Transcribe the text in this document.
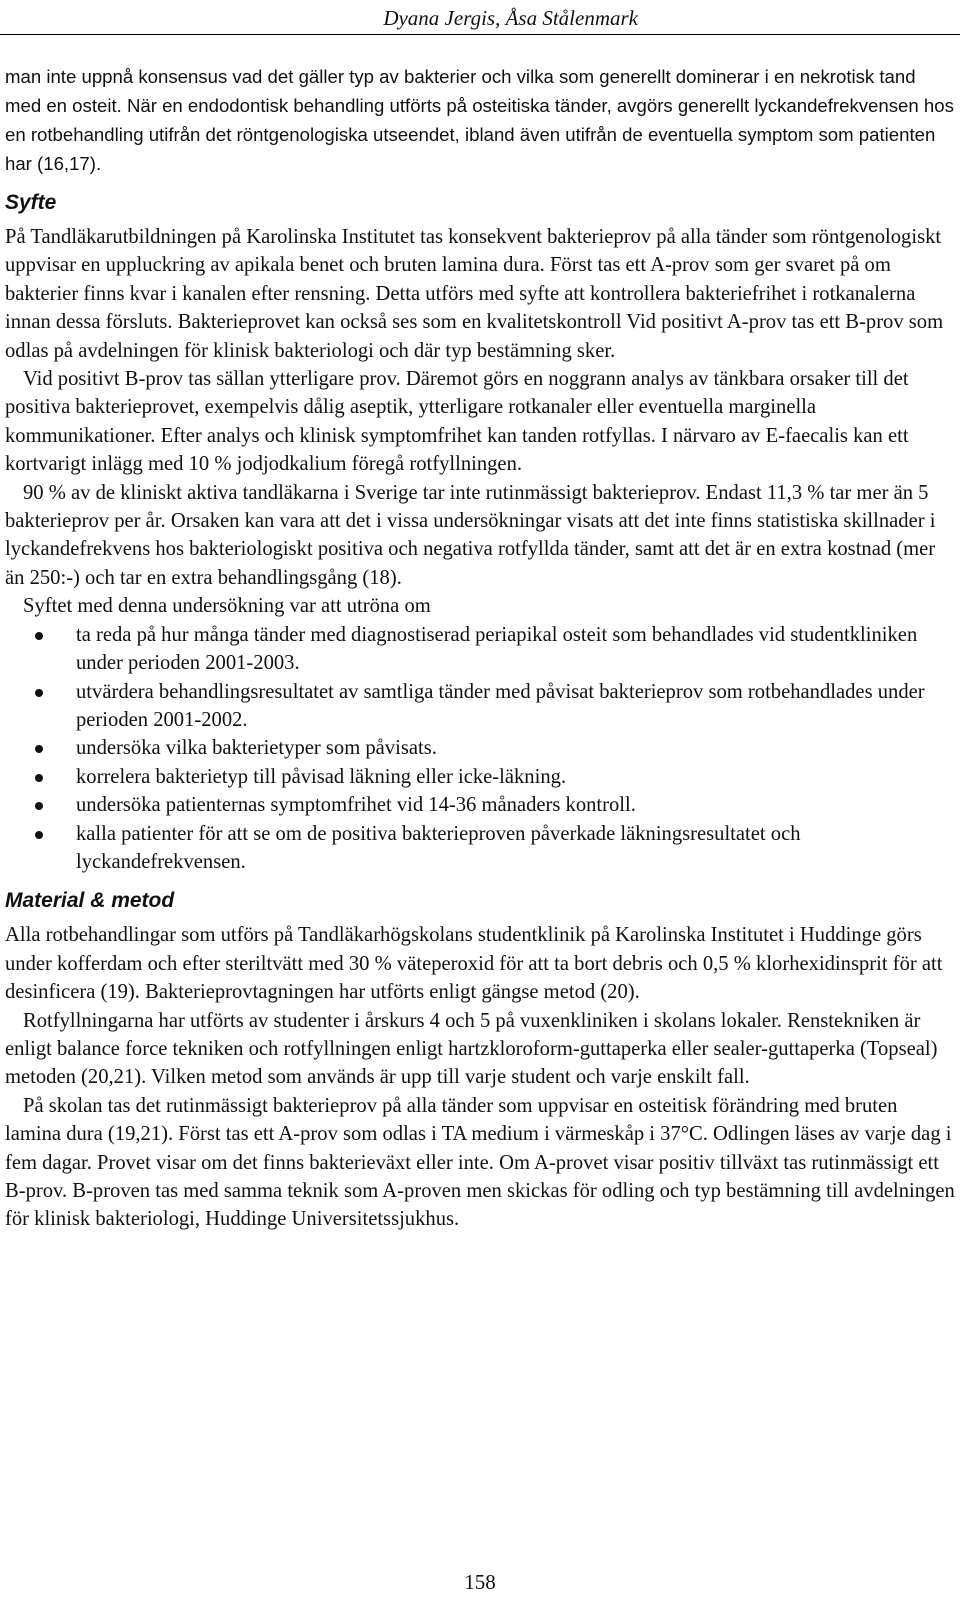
Dyana Jergis, Åsa Stålenmark

man inte uppnå konsensus vad det gäller typ av bakterier och vilka som generellt dominerar i en nekrotisk tand med en osteit. När en endodontisk behandling utförts på osteitiska tänder, avgörs generellt lyckandefrekvensen hos en rotbehandling utifrån det röntgenologiska utseendet, ibland även utifrån de eventuella symptom som patienten har (16,17).

Syfte

På Tandläkarutbildningen på Karolinska Institutet tas konsekvent bakterieprov på alla tänder som röntgenologiskt uppvisar en uppluckring av apikala benet och bruten lamina dura. Först tas ett A-prov som ger svaret på om bakterier finns kvar i kanalen efter rensning. Detta utförs med syfte att kontrollera bakteriefrihet i rotkanalerna innan dessa försluts. Bakterieprovet kan också ses som en kvalitetskontroll Vid positivt A-prov tas ett B-prov som odlas på avdelningen för klinisk bakteriologi och där typ bestämning sker.

Vid positivt B-prov tas sällan ytterligare prov. Däremot görs en noggrann analys av tänkbara orsaker till det positiva bakterieprovet, exempelvis dålig aseptik, ytterligare rotkanaler eller eventuella marginella kommunikationer. Efter analys och klinisk symptomfrihet kan tanden rotfyllas. I närvaro av E-faecalis kan ett kortvarigt inlägg med 10 % jodjodkalium föregå rotfyllningen.

90 % av de kliniskt aktiva tandläkarna i Sverige tar inte rutinmässigt bakterieprov. Endast 11,3 % tar mer än 5 bakterieprov per år. Orsaken kan vara att det i vissa undersökningar visats att det inte finns statistiska skillnader i lyckandefrekvens hos bakteriologiskt positiva och negativa rotfyllda tänder, samt att det är en extra kostnad (mer än 250:-) och tar en extra behandlingsgång (18).

Syftet med denna undersökning var att utröna om

ta reda på hur många tänder med diagnostiserad periapikal osteit som behandlades vid studentkliniken under perioden 2001-2003.
utvärdera behandlingsresultatet av samtliga tänder med påvisat bakterieprov som rotbehandlades under perioden 2001-2002.
undersöka vilka bakterietyper som påvisats.
korrelera bakterietyp till påvisad läkning eller icke-läkning.
undersöka patienternas symptomfrihet vid 14-36 månaders kontroll.
kalla patienter för att se om de positiva bakterieproven påverkade läkningsresultatet och lyckandefrekvensen.
Material & metod

Alla rotbehandlingar som utförs på Tandläkarhögskolans studentklinik på Karolinska Institutet i Huddinge görs under kofferdam och efter steriltvätt med 30 % väteperoxid för att ta bort debris och 0,5 % klorhexidinsprit för att desinficera (19). Bakterieprovtagningen har utförts enligt gängse metod (20).

Rotfyllningarna har utförts av studenter i årskurs 4 och 5 på vuxenkliniken i skolans lokaler. Renstekniken är enligt balance force tekniken och rotfyllningen enligt hartzkloroform-guttaperka eller sealer-guttaperka (Topseal) metoden (20,21). Vilken metod som används är upp till varje student och varje enskilt fall.

På skolan tas det rutinmässigt bakterieprov på alla tänder som uppvisar en osteitisk förändring med bruten lamina dura (19,21). Först tas ett A-prov som odlas i TA medium i värmeskåp i 37°C. Odlingen läses av varje dag i fem dagar. Provet visar om det finns bakterieväxt eller inte. Om A-provet visar positiv tillväxt tas rutinmässigt ett B-prov. B-proven tas med samma teknik som A-proven men skickas för odling och typ bestämning till avdelningen för klinisk bakteriologi, Huddinge Universitetssjukhus.

158
